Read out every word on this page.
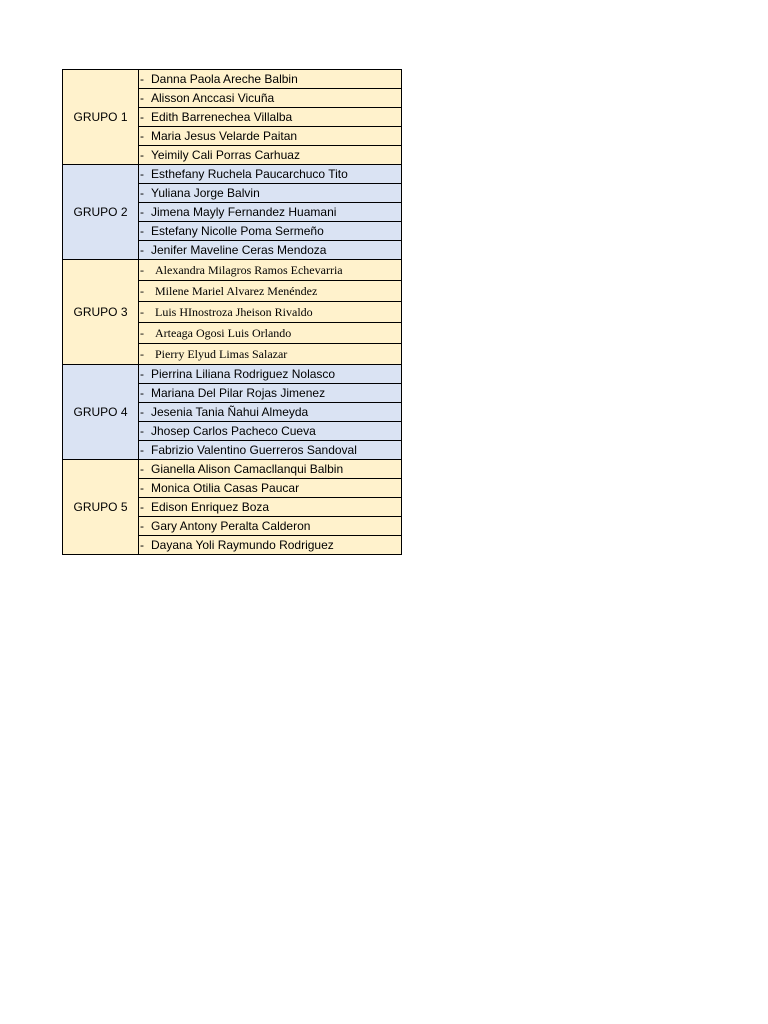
GRUPO 1	- Danna Paola Areche Balbin
	- Alisson Anccasi Vicuña
	- Edith Barrenechea Villalba
	- Maria Jesus Velarde Paitan
	- Yeimily Cali Porras Carhuaz
GRUPO 2	- Esthefany Ruchela Paucarchuco Tito
	- Yuliana Jorge Balvin
	- Jimena Mayly Fernandez Huamani
	- Estefany Nicolle Poma Sermeño
	- Jenifer Maveline Ceras Mendoza
GRUPO 3	- Alexandra Milagros Ramos Echevarria
	- Milene Mariel Alvarez Menéndez
	- Luis HInostroza Jheison Rivaldo
	- Arteaga Ogosi Luis Orlando
	- Pierry Elyud Limas Salazar
GRUPO 4	- Pierrina Liliana Rodriguez Nolasco
	- Mariana Del Pilar Rojas Jimenez
	- Jesenia Tania Ñahui Almeyda
	- Jhosep Carlos Pacheco Cueva
	- Fabrizio Valentino Guerreros Sandoval
GRUPO 5	- Gianella Alison Camacllanqui Balbin
	- Monica Otilia Casas Paucar
	- Edison Enriquez Boza
	- Gary Antony Peralta Calderon
	- Dayana Yoli Raymundo Rodriguez
